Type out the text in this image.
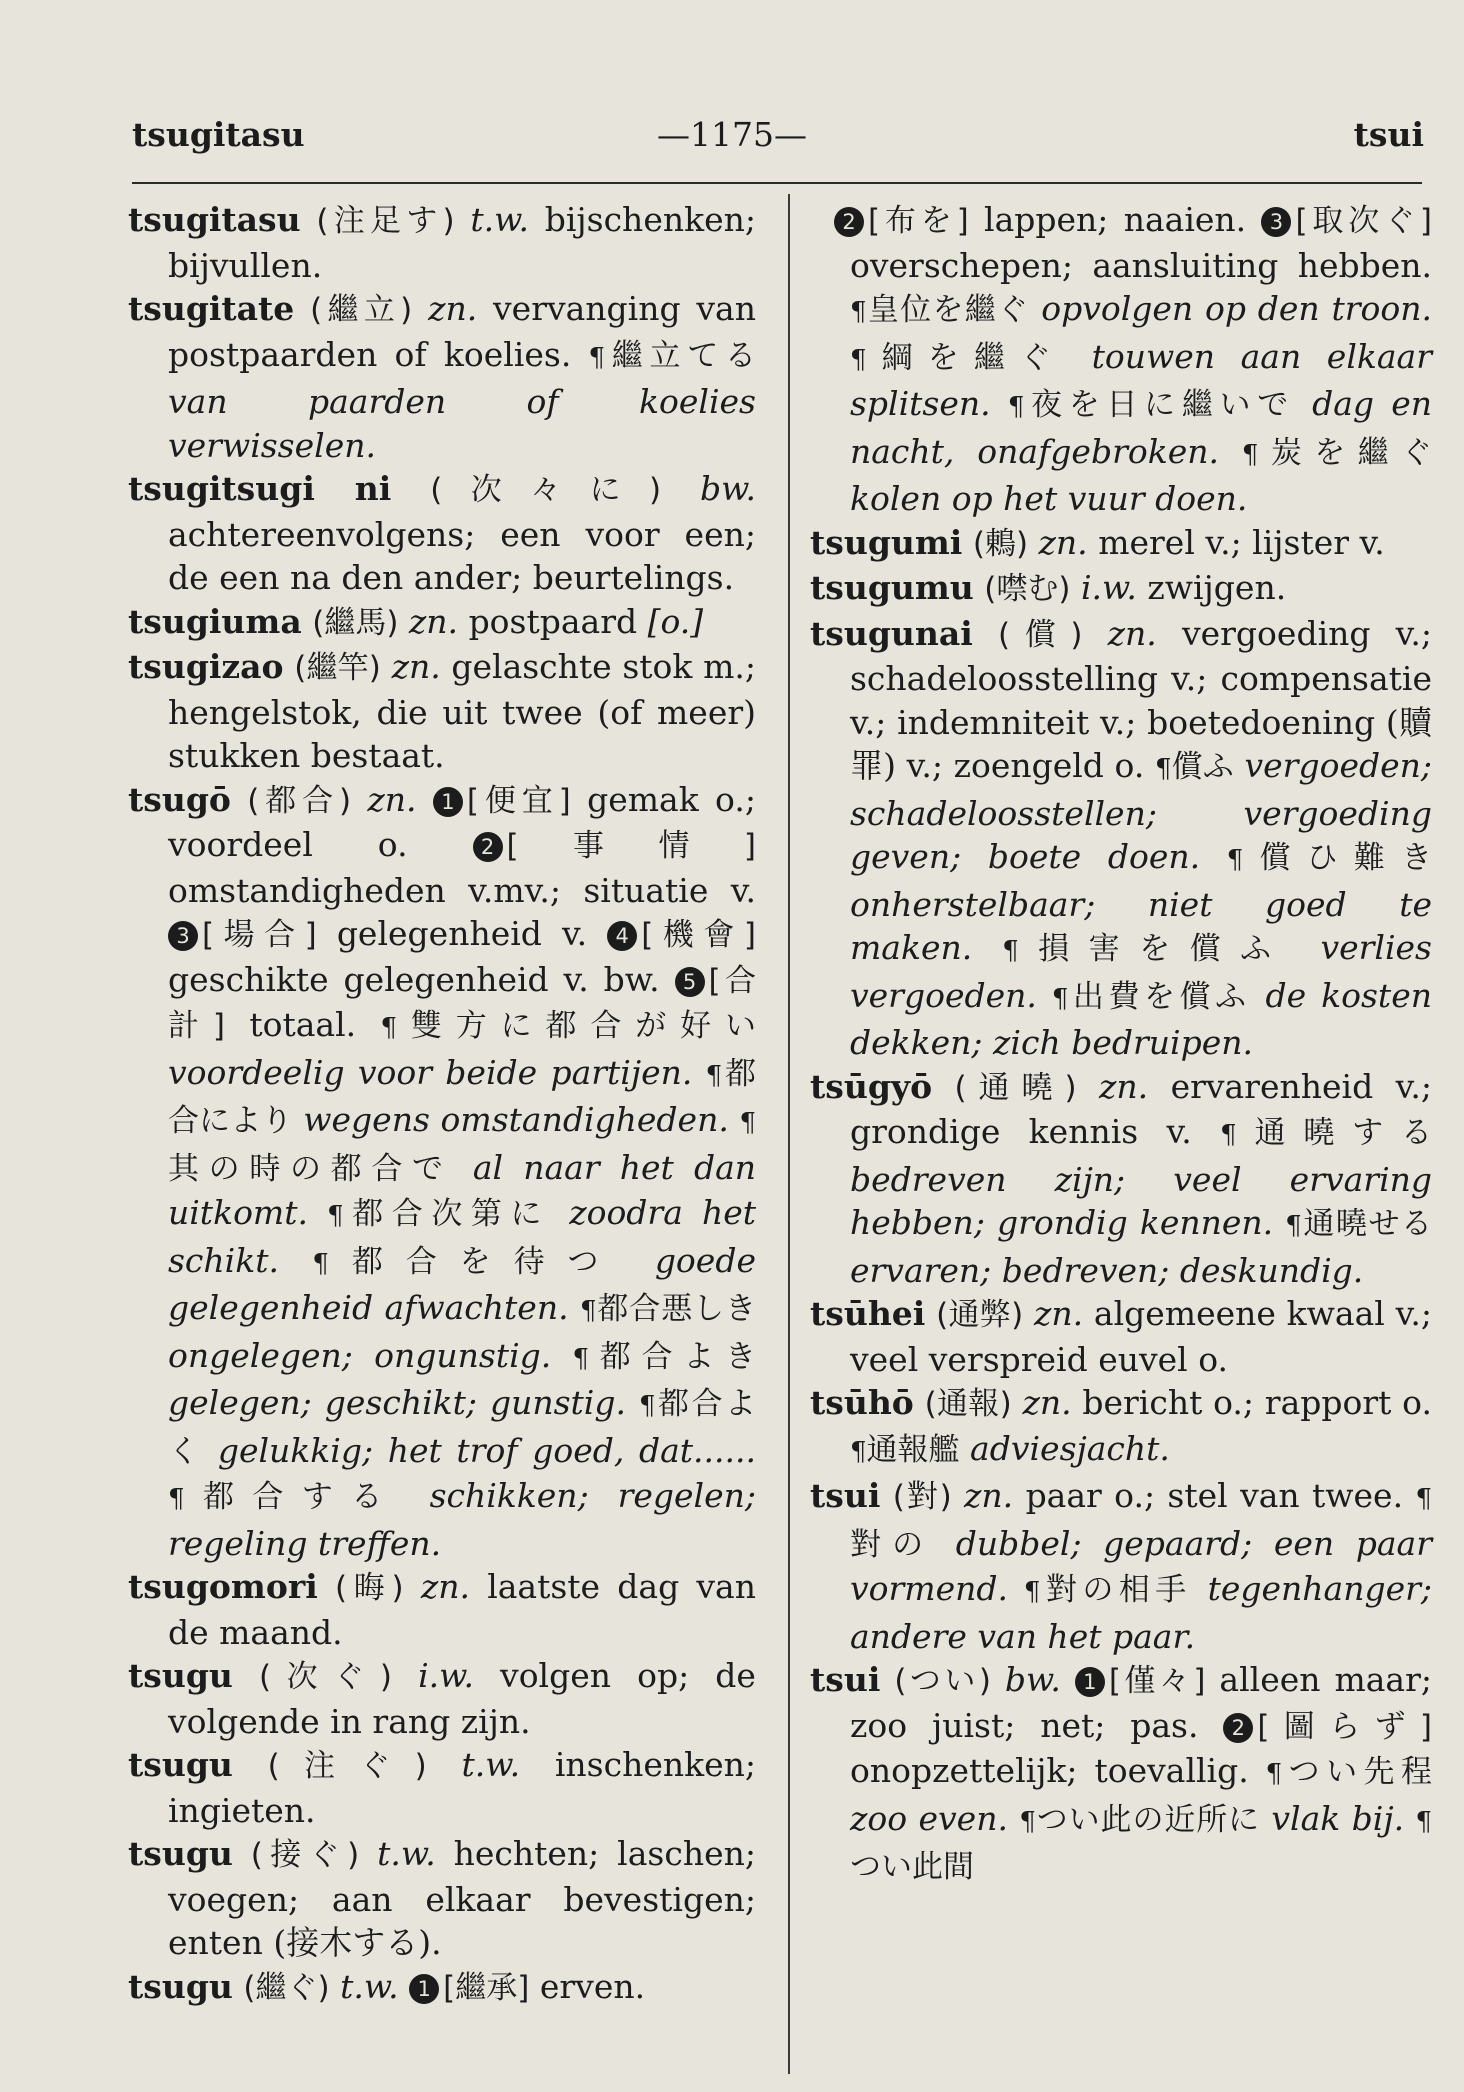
tsugitasu	—1175—	tsui
tsugitasu (注足す) t.w. bijschenken; bijvullen.
tsugitate (繼立) zn. vervanging van postpaarden of koelies. ¶繼立てる van paarden of koelies verwisselen.
tsugitsugi ni (次々に) bw. achtereenvolgens; een voor een; de een na den ander; beurtelings.
tsugiuma (繼馬) zn. postpaard [o.]
tsugizao (繼竿) zn. gelaschte stok m.; hengelstok, die uit twee (of meer) stukken bestaat.
tsugō (都合) zn. 1 [便宜] gemak o.; voordeel o.	2 [事情] omstandigheden v.mv.; situatie v. 3 [場合] gelegenheid v. 4 [機會] geschikte gelegenheid v. bw. 5 [合計] totaal. ¶雙方に都合が好い voordeelig voor beide partijen. ¶都合により wegens omstandigheden. ¶其の時の都合で al naar het dan uitkomt. ¶都合次第に zoodra het schikt. ¶都合を待つ goede gelegenheid afwachten. ¶都合悪しき ongelegen; ongunstig. ¶都合よき gelegen; geschikt; gunstig. ¶都合よく gelukkig; het trof goed, dat...... ¶都合する schikken; regelen; regeling treffen.
tsugomori (晦) zn. laatste dag van de maand.
tsugu (次ぐ) i.w. volgen op; de volgende in rang zijn.
tsugu (注ぐ) t.w. inschenken; ingieten.
tsugu (接ぐ) t.w. hechten; laschen; voegen; aan elkaar bevestigen; enten (接木する).
tsugu (繼ぐ) t.w. 1 [繼承] erven.
2 [布を] lappen; naaien. 3 [取次ぐ] overschepen; aansluiting hebben. ¶皇位を繼ぐ opvolgen op den troon. ¶綱を繼ぐ touwen aan elkaar splitsen. ¶夜を日に繼いで dag en nacht, onafgebroken. ¶炭を繼ぐ kolen op het vuur doen.
tsugumi (鶇) zn. merel v.; lijster v.
tsugumu (噤む) i.w. zwijgen.
tsugunai (償) zn. vergoeding v.; schadeloosstelling v.; compensatie v.; indemniteit v.; boetedoening (贖罪) v.; zoengeld o. ¶償ふ vergoeden; schadeloosstellen; vergoeding geven; boete doen. ¶償ひ難き onherstelbaar; niet goed te maken. ¶損害を償ふ verlies vergoeden. ¶出費を償ふ de kosten dekken; zich bedruipen.
tsūgyō (通曉) zn. ervarenheid v.; grondige kennis v. ¶通曉する bedreven zijn; veel ervaring hebben; grondig kennen. ¶通曉せる ervaren; bedreven; deskundig.
tsūhei (通弊) zn. algemeene kwaal v.; veel verspreid euvel o.
tsūhō (通報) zn. bericht o.; rapport o. ¶通報艦 adviesjacht.
tsui (對) zn. paar o.; stel van twee. ¶對の dubbel; gepaard; een paar vormend. ¶對の相手 tegenhanger; andere van het paar.
tsui (つい) bw. 1 [僅々] alleen maar; zoo juist; net; pas. 2 [圖らず] onopzettelijk; toevallig. ¶つい先程 zoo even. ¶つい此の近所に vlak bij. ¶つい此間
